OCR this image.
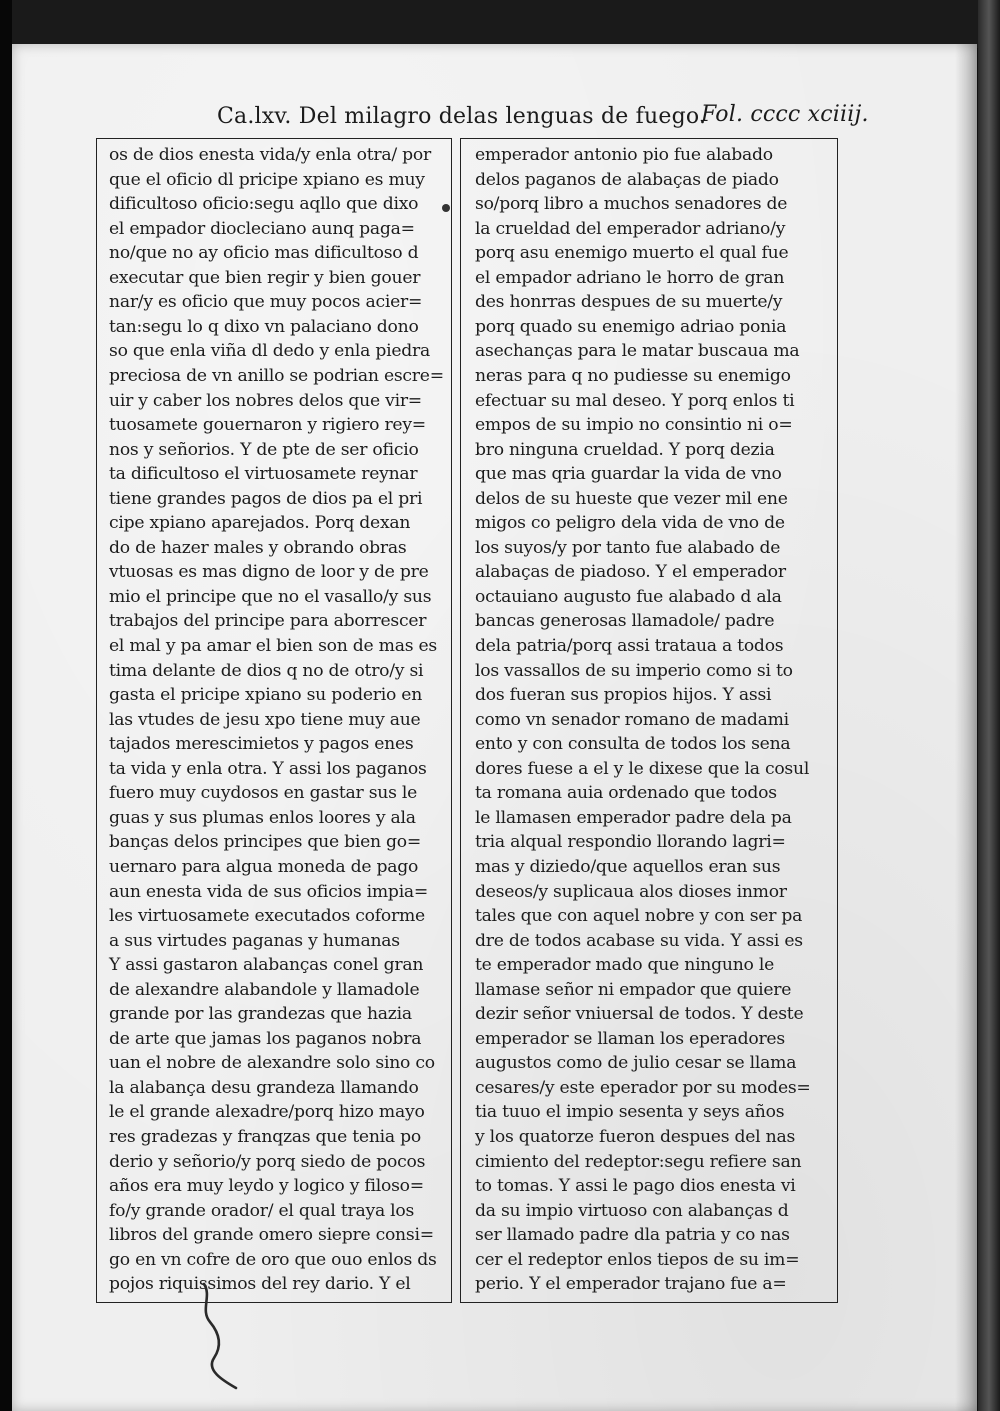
Ca.lxv. Del milagro delas lenguas de fuego.
Fol. cccc xciiij.
os de dios enesta vida/y enla otra/ por
que el oficio dl pricipe xpiano es muy
dificultoso oficio:segu aqllo que dixo
el empador diocleciano aunq paga=
no/que no ay oficio mas dificultoso d
executar que bien regir y bien gouer
nar/y es oficio que muy pocos acier=
tan:segu lo q dixo vn palaciano dono
so que enla viña dl dedo y enla piedra
preciosa de vn anillo se podrian escre=
uir y caber los nobres delos que vir=
tuosamete gouernaron y rigiero rey=
nos y señorios. Y de pte de ser oficio
ta dificultoso el virtuosamete reynar
tiene grandes pagos de dios pa el pri
cipe xpiano aparejados. Porq dexan
do de hazer males y obrando obras
vtuosas es mas digno de loor y de pre
mio el principe que no el vasallo/y sus
trabajos del principe para aborrescer
el mal y pa amar el bien son de mas es
tima delante de dios q no de otro/y si
gasta el pricipe xpiano su poderio en
las vtudes de jesu xpo tiene muy aue
tajados merescimietos y pagos enes
ta vida y enla otra. Y assi los paganos
fuero muy cuydosos en gastar sus le
guas y sus plumas enlos loores y ala
banças delos principes que bien go=
uernaro para algua moneda de pago
aun enesta vida de sus oficios impia=
les virtuosamete executados coforme
a sus virtudes paganas y humanas
Y assi gastaron alabanças conel gran
de alexandre alabandole y llamadole
grande por las grandezas que hazia
de arte que jamas los paganos nobra
uan el nobre de alexandre solo sino co
la alabança desu grandeza llamando
le el grande alexadre/porq hizo mayo
res gradezas y franqzas que tenia po
derio y señorio/y porq siedo de pocos
años era muy leydo y logico y filoso=
fo/y grande orador/ el qual traya los
libros del grande omero siepre consi=
go en vn cofre de oro que ouo enlos ds
pojos riquissimos del rey dario. Y el
emperador antonio pio fue alabado
delos paganos de alabaças de piado
so/porq libro a muchos senadores de
la crueldad del emperador adriano/y
porq asu enemigo muerto el qual fue
el empador adriano le horro de gran
des honrras despues de su muerte/y
porq quado su enemigo adriao ponia
asechanças para le matar buscaua ma
neras para q no pudiesse su enemigo
efectuar su mal deseo. Y porq enlos ti
empos de su impio no consintio ni o=
bro ninguna crueldad. Y porq dezia
que mas qria guardar la vida de vno
delos de su hueste que vezer mil ene
migos co peligro dela vida de vno de
los suyos/y por tanto fue alabado de
alabaças de piadoso. Y el emperador
octauiano augusto fue alabado d ala
bancas generosas llamadole/ padre
dela patria/porq assi trataua a todos
los vassallos de su imperio como si to
dos fueran sus propios hijos. Y assi
como vn senador romano de madami
ento y con consulta de todos los sena
dores fuese a el y le dixese que la cosul
ta romana auia ordenado que todos
le llamasen emperador padre dela pa
tria alqual respondio llorando lagri=
mas y diziedo/que aquellos eran sus
deseos/y suplicaua alos dioses inmor
tales que con aquel nobre y con ser pa
dre de todos acabase su vida. Y assi es
te emperador mado que ninguno le
llamase señor ni empador que quiere
dezir señor vniuersal de todos. Y deste
emperador se llaman los eperadores
augustos como de julio cesar se llama
cesares/y este eperador por su modes=
tia tuuo el impio sesenta y seys años
y los quatorze fueron despues del nas
cimiento del redeptor:segu refiere san
to tomas. Y assi le pago dios enesta vi
da su impio virtuoso con alabanças d
ser llamado padre dla patria y co nas
cer el redeptor enlos tiepos de su im=
perio. Y el emperador trajano fue a=
